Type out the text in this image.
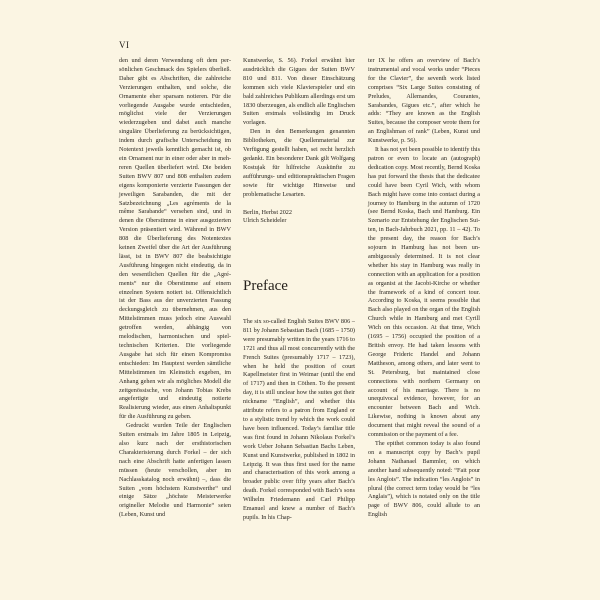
VI

den und deren Verwendung oft dem persönlichen Geschmack des Spielers überließ. Daher gibt es Abschriften, die zahlreiche Verzierungen enthalten, und solche, die Ornamente eher sparsam notieren. Für die vorliegende Ausgabe wurde entschieden, möglichst viele der Verzierungen wiederzugeben und dabei auch manche singuläre Überlieferung zu berücksichtigen, indem durch grafische Unterscheidung im Notentext jeweils kenntlich gemacht ist, ob ein Ornament nur in einer oder aber in mehreren Quellen überliefert wird. Die beiden Suiten BWV 807 und 808 enthalten zudem eigens komponierte verzierte Fassungen der jeweiligen Sarabanden, die mit der Satzbezeichnung „Les agréments de la même Sarabande“ versehen sind, und in denen die Oberstimme in einer ausgezierten Version präsentiert wird. Während in BWV 808 die Überlieferung des Notentextes keinen Zweifel über die Art der Ausführung lässt, ist in BWV 807 die beabsichtigte Ausführung hingegen nicht eindeutig, da in den wesentlichen Quellen für die „Agréments“ nur die Oberstimme auf einem einzelnen System notiert ist. Offensichtlich ist der Bass aus der unverzierten Fassung deckungsgleich zu übernehmen, aus den Mittelstimmen muss jedoch eine Auswahl getroffen werden, abhängig von melodischen, harmonischen und spieltechnischen Kriterien. Die vorliegende Ausgabe hat sich für einen Kompromiss entschieden: Im Hauptext werden sämtliche Mittelstimmen im Kleinstich exgeben, im Anhang gehen wir als mögliches Modell die zeitgenössische, von Johann Tobias Krebs angefertigte und eindeutig notierte Realisierung wieder, aus einen Anhaltspunkt für die Ausführung zu geben.

Gedruckt wurden Teile der Englischen Suiten erstmals im Jahre 1805 in Leipzig, also kurz nach der ersthistorischen Charakterisierung durch Forkel – der sich nach eine Abschrift hatte anfertigen lassen müssen (heute verschollen, aber im Nachlasskatalog noch erwähnt) –, dass die Suiten „vom höchstem Kunstwerthe“ und einige Sätze „höchste Meisterwerke origineller Melodie und Harmonie“ seien (Leben, Kunst und

Kunstwerke, S. 56). Forkel erwähnt hier ausdrücklich die Gigues der Suiten BWV 810 und 811. Von dieser Einschätzung kommen sich viele Klavierspieler und ein bald zahlreiches Publikum allerdings erst um 1830 überzeugen, als endlich alle Englischen Suiten erstmals vollständig im Druck vorlagen.

Den in den Bemerkungen genannten Bibliotheken, die Quellenmaterial zur Verfügung gestellt haben, sei recht herzlich gedankt. Ein besonderer Dank gilt Wolfgang Kostujak für hilfreiche Auskünfte zu aufführungs- und editionspraktischen Fragen sowie für wichtige Hinweise und problematische Lesarten.

Berlin, Herbst 2022

Ulrich Scheideler

Preface

The six so-called English Suites BWV 806 – 811 by Johann Sebastian Bach (1685 – 1750) were presumably written in the years 1716 to 1721 and thus all most concurrently with the French Suites (presumably 1717 – 1723), when he held the position of court Kapellmeister first in Weimar (until the end of 1717) and then in Cöthen. To the present day, it is still unclear how the suites got their nickname “English”, and whether this attribute refers to a patron from England or to a stylistic trend by which the work could have been influenced. Today’s familiar title was first found in Johann Nikolaus Forkel’s work Ueber Johann Sebastian Bachs Leben, Kunst und Kunstwerke, published in 1802 in Leipzig. It was thus first used for the name and characterisation of this work among a broader public over fifty years after Bach’s death. Forkel corresponded with Bach’s sons Wilhelm Friedemann and Carl Philipp Emanuel and knew a number of Bach’s pupils. In his Chap-

ter IX he offers an overview of Bach’s instrumental and vocal works under “Pieces for the Clavier”, the seventh work listed comprises “Six Large Suites consisting of Preludes, Allemandes, Courantes, Sarabandes, Gigues etc.”, after which he adds: “They are known as the English Suites, because the composer wrote them for an Englishman of rank” (Leben, Kunst und Kunstwerke, p. 56).

It has not yet been possible to identify this patron or even to locate an (autograph) dedication copy. Most recently, Bernd Koska has put forward the thesis that the dedicatee could have been Cyril Wich, with whom Bach might have come into contact during a journey to Hamburg in the autumn of 1720 (see Bernd Koska, Bach und Hamburg. Ein Szenario zur Entstehung der Englischen Suiten, in Bach-Jahrbuch 2021, pp. 11 – 42). To the present day, the reason for Bach’s sojourn in Hamburg has not been unambiguously determined. It is not clear whether his stay in Hamburg was really in connection with an application for a position as organist at the Jacobi-Kirche or whether the framework of a kind of concert tour. According to Koska, it seems possible that Bach also played on the organ of the English Church while in Hamburg and met Cyrill Wich on this occasion. At that time, Wich (1695 – 1756) occupied the position of a British envoy. He had taken lessons with George Frideric Handel and Johann Mattheson, among others, and later went to St. Petersburg, but maintained close connections with northern Germany on account of his marriage. There is no unequivocal evidence, however, for an encounter between Bach and Wich. Likewise, nothing is known about any document that might reveal the sound of a commission or the payment of a fee.

The epithet common today is also found on a manuscript copy by Bach’s pupil Johann Nathanael Bammler, on which another hand subsequently noted: “Fait pour les Anglois”. The indication “les Anglois” in plural (the correct term today would be “les Anglais”), which is notated only on the title page of BWV 806, could allude to an English
